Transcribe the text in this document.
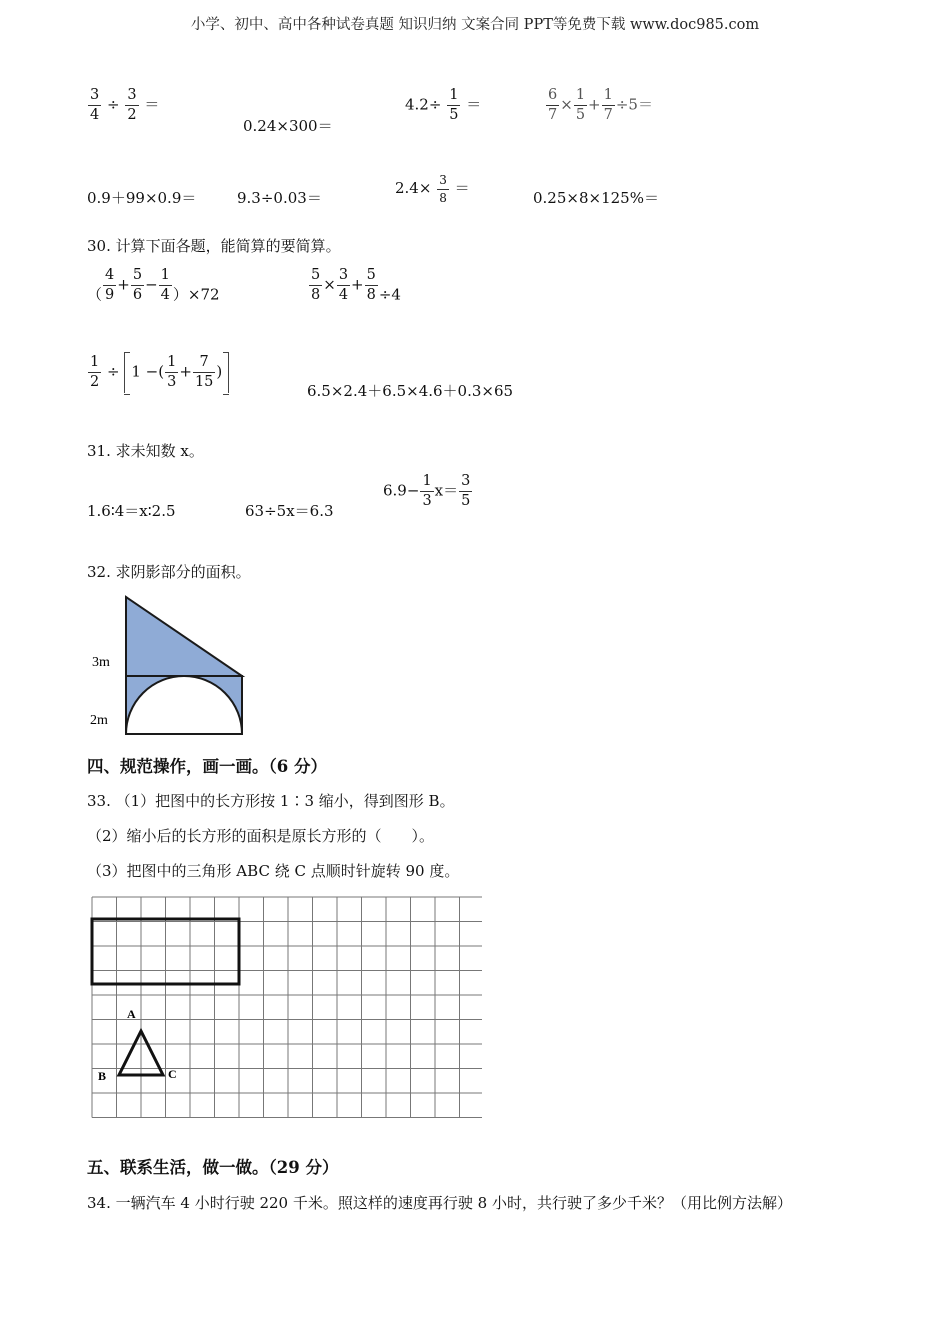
小学、初中、高中各种试卷真题 知识归纳 文案合同 PPT等免费下载 www.doc985.com
$\frac{3}{4} \div \frac{3}{2}$ ＝
0.24×300＝
$4.2\div \frac{1}{5}$ ＝	$\frac{6}{7} \times \frac{1}{5} + \frac{1}{7} \div 5=$
0.9＋99×0.9＝	9.3÷0.03＝
$2.4\times \frac{3}{8}$ ＝
0.25×8×125%＝
30. 计算下面各题，能简算的要简算。
（ $\frac{4}{9} + \frac{5}{6} - \frac{1}{4} )\times 72$	$\frac{5}{8} \times \frac{3}{4} + \frac{5}{8} \div 4$
$\frac{1}{2} \div 1$ −( $\frac{1}{3} + \frac{7}{15}$ )
6.5×2.4＋6.5×4.6＋0.3×65
31. 求未知数 x。
1.6∶4＝x∶2.5	63÷5x＝6.3
$6.9- \frac{1}{3} x= \frac{3}{5}$
32. 求阴影部分的面积。
3m
2m
四、规范操作，画一画。（6 分）
33. （1）把图中的长方形按 1∶3 缩小，得到图形 B。
（2）缩小后的长方形的面积是原长方形的（　　）。
（3）把图中的三角形 ABC 绕 C 点顺时针旋转 90 度。
A
B	C
五、联系生活，做一做。（29 分）
34. 一辆汽车 4 小时行驶 220 千米。照这样的速度再行驶 8 小时，共行驶了多少千米？（用比例方法解）
